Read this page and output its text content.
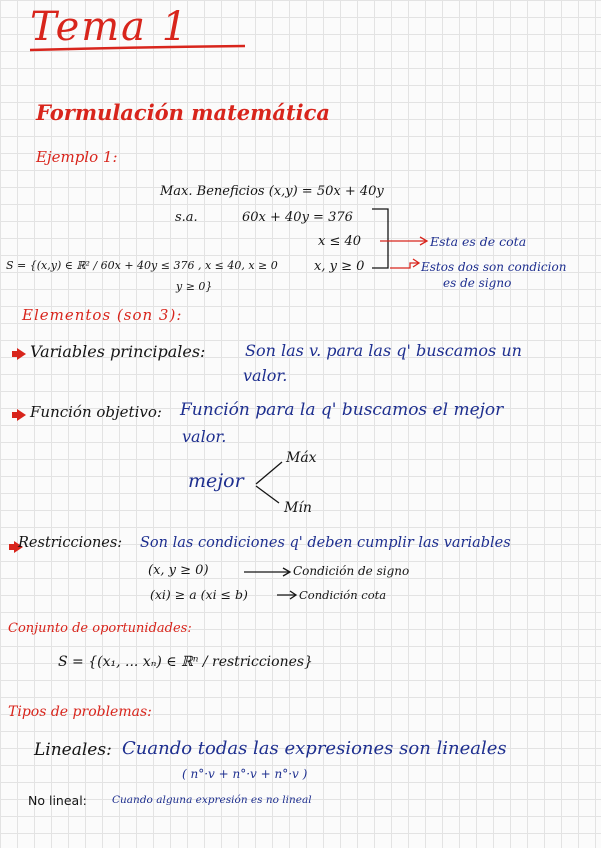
Tema 1
Formulación matemática
Ejemplo 1:
Max. Beneficios (x,y) = 50x + 40y
s.a.	60x + 40y = 376
x ≤ 40
x, y ≥ 0
Esta es de cota
Estos dos son condicion
es de signo
S = {(x,y) ∈ ℝ² / 60x + 40y ≤ 376 , x ≤ 40, x ≥ 0
y ≥ 0}
Elementos (son 3):
Variables principales: Son las v. para las q' buscamos un
valor.
Función objetivo: Función para la q' buscamos el mejor
valor.
mejor
Máx
Mín
Restricciones: Son las condiciones q' deben cumplir las variables
(x, y ≥ 0)	Condición de signo
(xi) ≥ a (xi ≤ b)	Condición cota
Conjunto de oportunidades:
S = {(x₁, ... xₙ) ∈ ℝⁿ / restricciones}
Tipos de problemas:
Lineales: Cuando todas las expresiones son lineales
( n°·v + n°·v + n°·v )
No lineal: Cuando alguna expresión es no lineal
